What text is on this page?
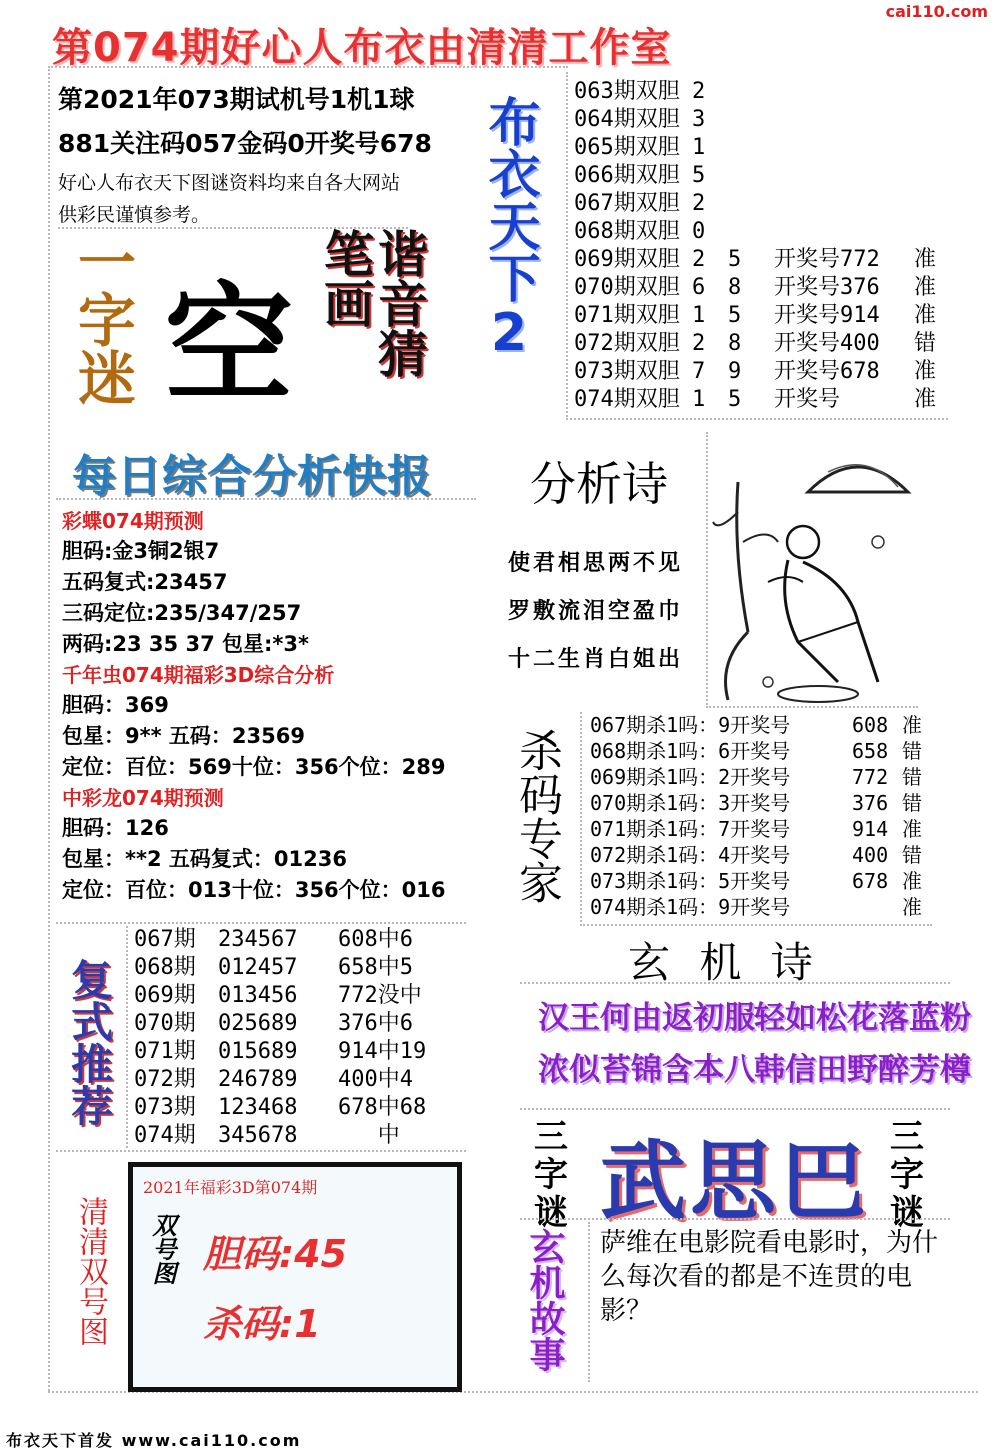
第074期好心人布衣由清清工作室
cai110.com
第2021年073期试机号1机1球
881关注码057金码0开奖号678
好心人布衣天下图谜资料均来自各大网站
供彩民谨慎参考。	布衣天下2
一字迷 空	谐音猜笔画
063期双胆 2
064期双胆 3
065期双胆 1
066期双胆 5
067期双胆 2
068期双胆 0
069期双胆 2	5	开奖号772	准
070期双胆 6	8	开奖号376	准
071期双胆 1	5	开奖号914	准
072期双胆 2	8	开奖号400	错
073期双胆 7	9	开奖号678	准
074期双胆 1	5	开奖号	准
每日综合分析快报
彩蝶074期预测
胆码:金3铜2银7
五码复式:23457
三码定位:235/347/257
两码:23 35 37 包星:*3*
千年虫074期福彩3D综合分析
胆码：369
包星：9** 五码：23569
定位：百位：569十位：356个位：289
中彩龙074期预测
胆码：126
包星：**2 五码复式：01236
定位：百位：013十位：356个位：016
分析诗
使君相思两不见
罗敷流泪空盈巾
十二生肖白姐出
杀码专家
067期杀1吗：9开奖号	608 准
068期杀1吗：6开奖号	658 错
069期杀1吗：2开奖号	772 错
070期杀1码：3开奖号	376 错
071期杀1码：7开奖号	914 准
072期杀1码：4开奖号	400 错
073期杀1码：5开奖号	678 准
074期杀1码：9开奖号	准
复式推荐
067期	234567	608中6
068期	012457	658中5
069期	013456	772没中
070期	025689	376中6
071期	015689	914中19
072期	246789	400中4
073期	123468	678中68
074期	345678	中
玄 机 诗
汉王何由返初服 轻如松花落蓝粉
浓似苔锦含本八 韩信田野醉芳樽
三字谜 武思巴 三字谜
清清双号图
2021年福彩3D第074期
双号图 胆码:45
杀码:1	玄机故事	萨维在电影院看电影时，为什么每次看的都是不连贯的电影？
布衣天下首发 www.cai110.com
